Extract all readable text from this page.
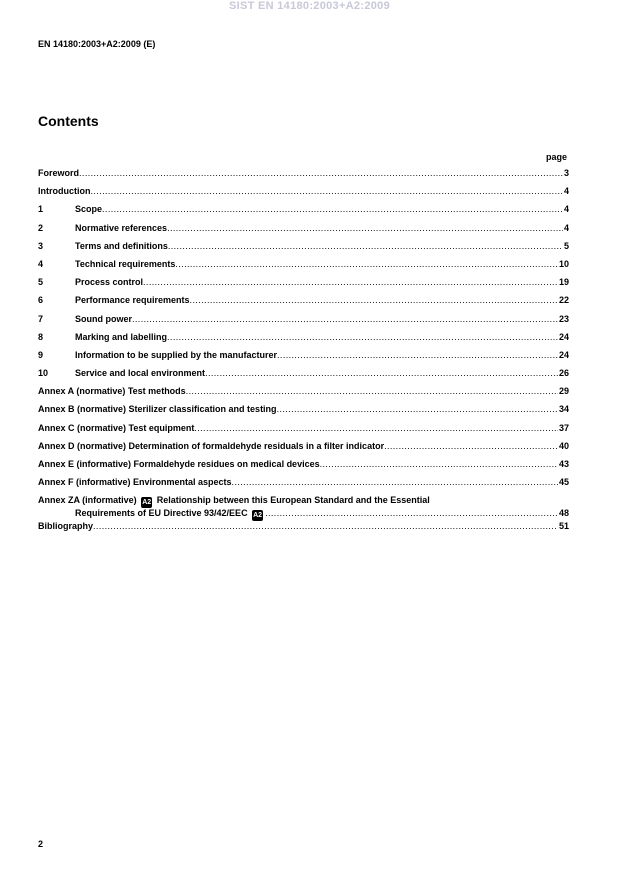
SIST EN 14180:2003+A2:2009
EN 14180:2003+A2:2009 (E)
Contents
page
Foreword .....	3
Introduction .....	4
1	Scope .....	4
2	Normative references .....	4
3	Terms and definitions .....	5
4	Technical requirements .....	10
5	Process control .....	19
6	Performance requirements .....	22
7	Sound power .....	23
8	Marking and labelling .....	24
9	Information to be supplied by the manufacturer .....	24
10	Service and local environment .....	26
Annex A (normative) Test methods .....	29
Annex B (normative) Sterilizer classification and testing .....	34
Annex C (normative) Test equipment .....	37
Annex D (normative) Determination of formaldehyde residuals in a filter indicator .....	40
Annex E (informative) Formaldehyde residues on medical devices .....	43
Annex F (informative) Environmental aspects .....	45
Annex ZA (informative) A2 Relationship between this European Standard and the Essential
Requirements of EU Directive 93/42/EEC A2 .....	48
Bibliography .....	51
2
